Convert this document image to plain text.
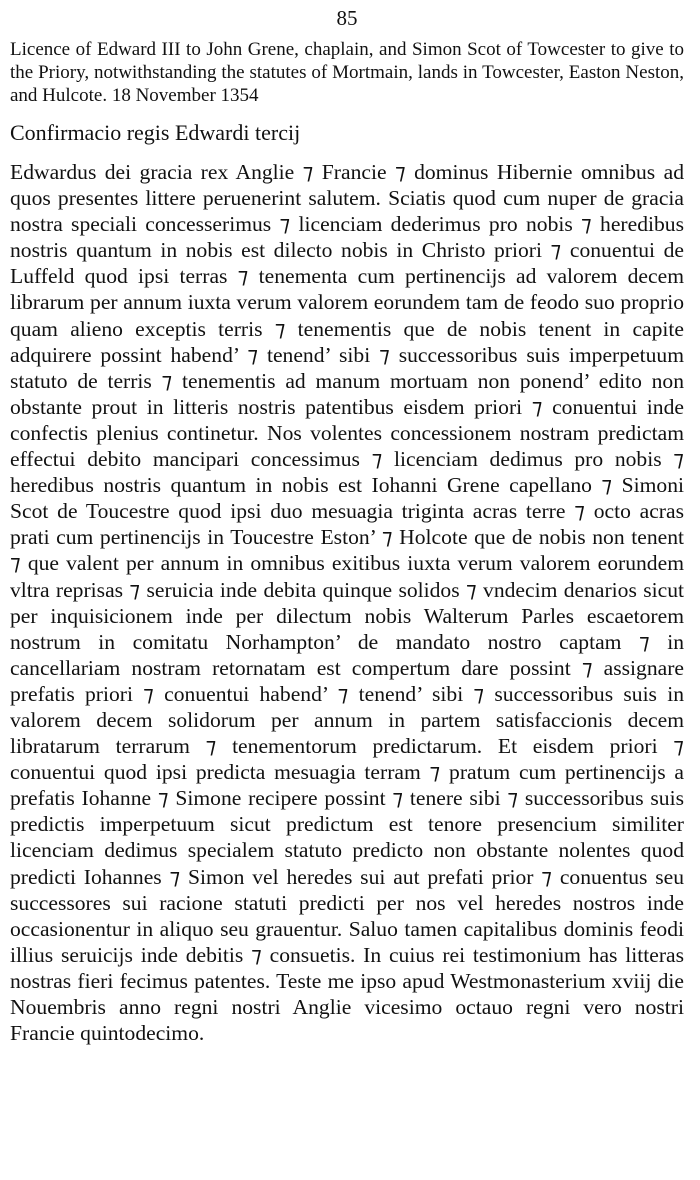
85

Licence of Edward III to John Grene, chaplain, and Simon Scot of Towcester to give to the Priory, notwithstanding the statutes of Mortmain, lands in Towcester, Easton Neston, and Hulcote. 18 November 1354

Confirmacio regis Edwardi tercij

Edwardus dei gracia rex Anglie ⁊ Francie ⁊ dominus Hibernie omnibus ad quos presentes littere peruenerint salutem. Sciatis quod cum nuper de gracia nostra speciali concesserimus ⁊ licenciam dederimus pro nobis ⁊ heredibus nostris quantum in nobis est dilecto nobis in Christo priori ⁊ conuentui de Luffeld quod ipsi terras ⁊ tenementa cum pertinencijs ad valorem decem librarum per annum iuxta verum valorem eorundem tam de feodo suo proprio quam alieno exceptis terris ⁊ tenementis que de nobis tenent in capite adquirere possint habend’ ⁊ tenend’ sibi ⁊ successoribus suis imperpetuum statuto de terris ⁊ tenementis ad manum mortuam non ponend’ edito non obstante prout in litteris nostris patentibus eisdem priori ⁊ conuentui inde confectis plenius continetur. Nos volentes concessionem nostram predictam effectui debito mancipari concessimus ⁊ licenciam dedimus pro nobis ⁊ heredibus nostris quantum in nobis est Iohanni Grene capellano ⁊ Simoni Scot de Toucestre quod ipsi duo mesuagia triginta acras terre ⁊ octo acras prati cum pertinencijs in Toucestre Eston’ ⁊ Holcote que de nobis non tenent ⁊ que valent per annum in omnibus exitibus iuxta verum valorem eorundem vltra reprisas ⁊ seruicia inde debita quinque solidos ⁊ vndecim denarios sicut per inquisicionem inde per dilectum nobis Walterum Parles escaetorem nostrum in comitatu Norhampton’ de mandato nostro captam ⁊ in cancellariam nostram retornatam est compertum dare possint ⁊ assignare prefatis priori ⁊ conuentui habend’ ⁊ tenend’ sibi ⁊ successoribus suis in valorem decem solidorum per annum in partem satisfaccionis decem libratarum terrarum ⁊ tenementorum predictarum. Et eisdem priori ⁊ conuentui quod ipsi predicta mesuagia terram ⁊ pratum cum pertinencijs a prefatis Iohanne ⁊ Simone recipere possint ⁊ tenere sibi ⁊ successoribus suis predictis imperpetuum sicut predictum est tenore presencium similiter licenciam dedimus specialem statuto predicto non obstante nolentes quod predicti Iohannes ⁊ Simon vel heredes sui aut prefati prior ⁊ conuentus seu successores sui racione statuti predicti per nos vel heredes nostros inde occasionentur in aliquo seu grauentur. Saluo tamen capitalibus dominis feodi illius seruicijs inde debitis ⁊ consuetis. In cuius rei testimonium has litteras nostras fieri fecimus patentes. Teste me ipso apud Westmonasterium xviij die Nouembris anno regni nostri Anglie vicesimo octauo regni vero nostri Francie quintodecimo.
